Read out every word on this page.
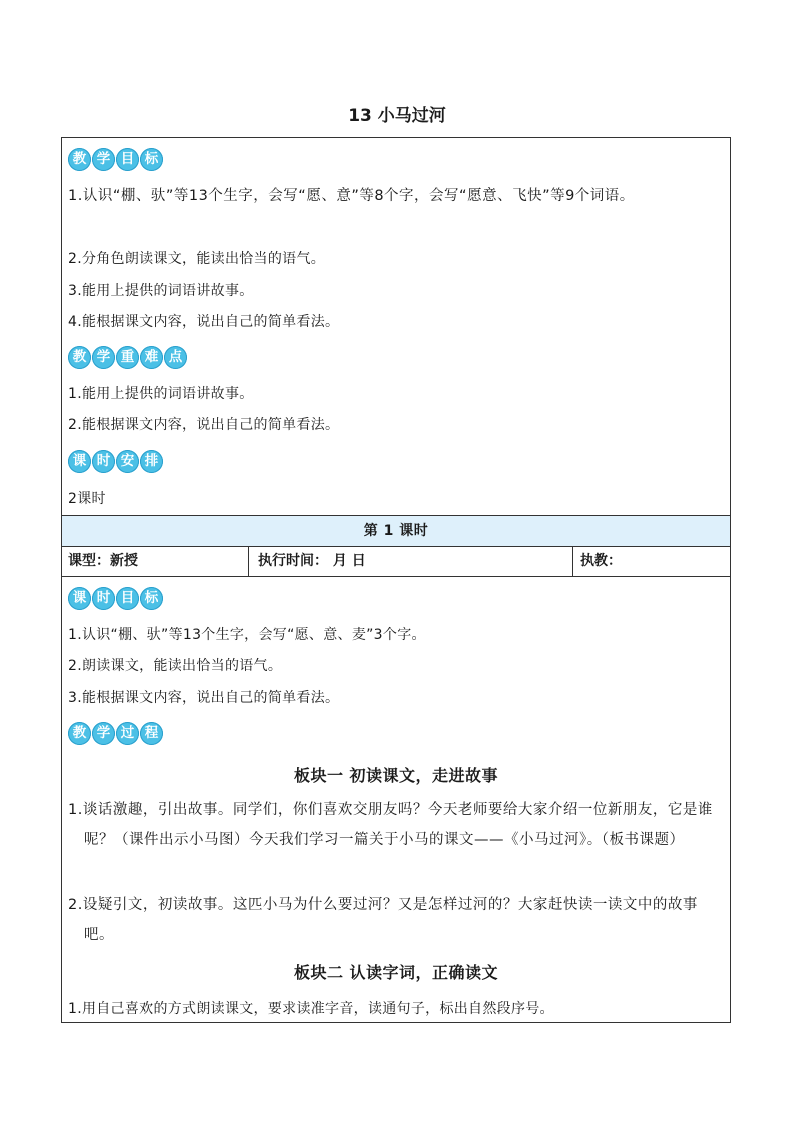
13 小马过河
教 学 目 标
1.认识“棚、驮”等13个生字，会写“愿、意”等8个字，会写“愿意、飞快”等9个词语。
2.分角色朗读课文，能读出恰当的语气。
3.能用上提供的词语讲故事。
4.能根据课文内容，说出自己的简单看法。
教 学 重 难 点
1.能用上提供的词语讲故事。
2.能根据课文内容，说出自己的简单看法。
课 时 安 排
2课时
第 1 课时
课型：新授	执行时间： 月 日	执教：
课 时 目 标
1.认识“棚、驮”等13个生字，会写“愿、意、麦”3个字。
2.朗读课文，能读出恰当的语气。
3.能根据课文内容，说出自己的简单看法。
教 学 过 程
板块一 初读课文，走进故事
1.谈话激趣，引出故事。同学们，你们喜欢交朋友吗？今天老师要给大家介绍一位新朋友，它是谁呢？（课件出示小马图）今天我们学习一篇关于小马的课文——《小马过河》。（板书课题）
2.设疑引文，初读故事。这匹小马为什么要过河？又是怎样过河的？大家赶快读一读文中的故事吧。
板块二 认读字词，正确读文
1.用自己喜欢的方式朗读课文，要求读准字音，读通句子，标出自然段序号。
